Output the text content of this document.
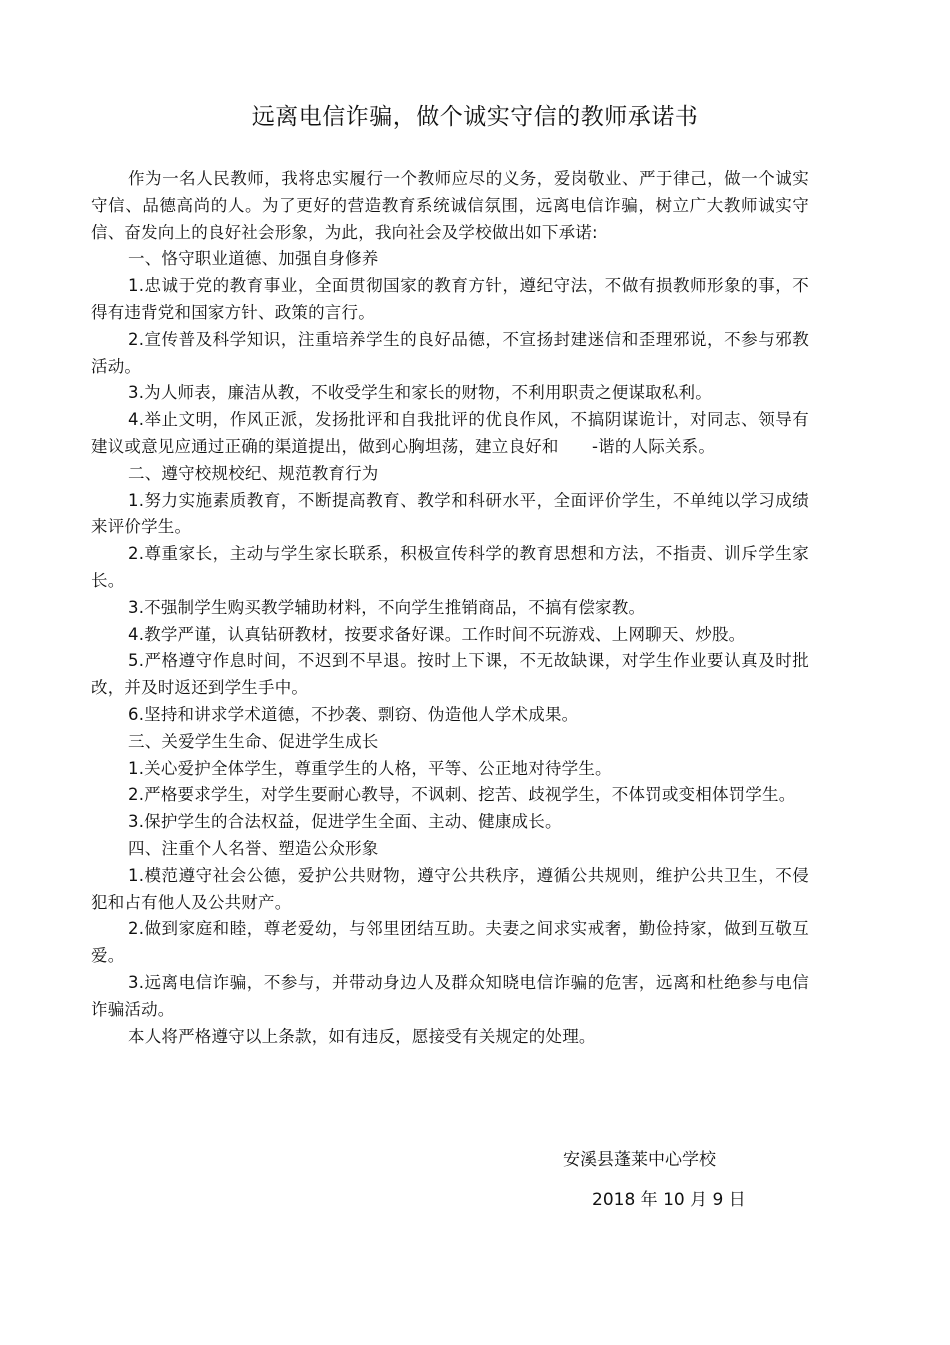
远离电信诈骗，做个诚实守信的教师承诺书

作为一名人民教师，我将忠实履行一个教师应尽的义务，爱岗敬业、严于律己，做一个诚实守信、品德高尚的人。为了更好的营造教育系统诚信氛围，远离电信诈骗，树立广大教师诚实守信、奋发向上的良好社会形象，为此，我向社会及学校做出如下承诺:

一、恪守职业道德、加强自身修养

1.忠诚于党的教育事业，全面贯彻国家的教育方针，遵纪守法，不做有损教师形象的事，不得有违背党和国家方针、政策的言行。

2.宣传普及科学知识，注重培养学生的良好品德，不宣扬封建迷信和歪理邪说，不参与邪教活动。

3.为人师表，廉洁从教，不收受学生和家长的财物，不利用职责之便谋取私利。

4.举止文明，作风正派，发扬批评和自我批评的优良作风，不搞阴谋诡计，对同志、领导有建议或意见应通过正确的渠道提出，做到心胸坦荡，建立良好和　　-谐的人际关系。

二、遵守校规校纪、规范教育行为

1.努力实施素质教育，不断提高教育、教学和科研水平，全面评价学生，不单纯以学习成绩来评价学生。

2.尊重家长，主动与学生家长联系，积极宣传科学的教育思想和方法，不指责、训斥学生家长。

3.不强制学生购买教学辅助材料，不向学生推销商品，不搞有偿家教。

4.教学严谨，认真钻研教材，按要求备好课。工作时间不玩游戏、上网聊天、炒股。

5.严格遵守作息时间，不迟到不早退。按时上下课，不无故缺课，对学生作业要认真及时批改，并及时返还到学生手中。

6.坚持和讲求学术道德，不抄袭、剽窃、伪造他人学术成果。

三、关爱学生生命、促进学生成长

1.关心爱护全体学生，尊重学生的人格，平等、公正地对待学生。

2.严格要求学生，对学生要耐心教导，不讽刺、挖苦、歧视学生，不体罚或变相体罚学生。

3.保护学生的合法权益，促进学生全面、主动、健康成长。

四、注重个人名誉、塑造公众形象

1.模范遵守社会公德，爱护公共财物，遵守公共秩序，遵循公共规则，维护公共卫生，不侵犯和占有他人及公共财产。

2.做到家庭和睦，尊老爱幼，与邻里团结互助。夫妻之间求实戒奢，勤俭持家，做到互敬互爱。

3.远离电信诈骗，不参与，并带动身边人及群众知晓电信诈骗的危害，远离和杜绝参与电信诈骗活动。

本人将严格遵守以上条款，如有违反，愿接受有关规定的处理。

安溪县蓬莱中心学校
2018 年 10 月 9 日
